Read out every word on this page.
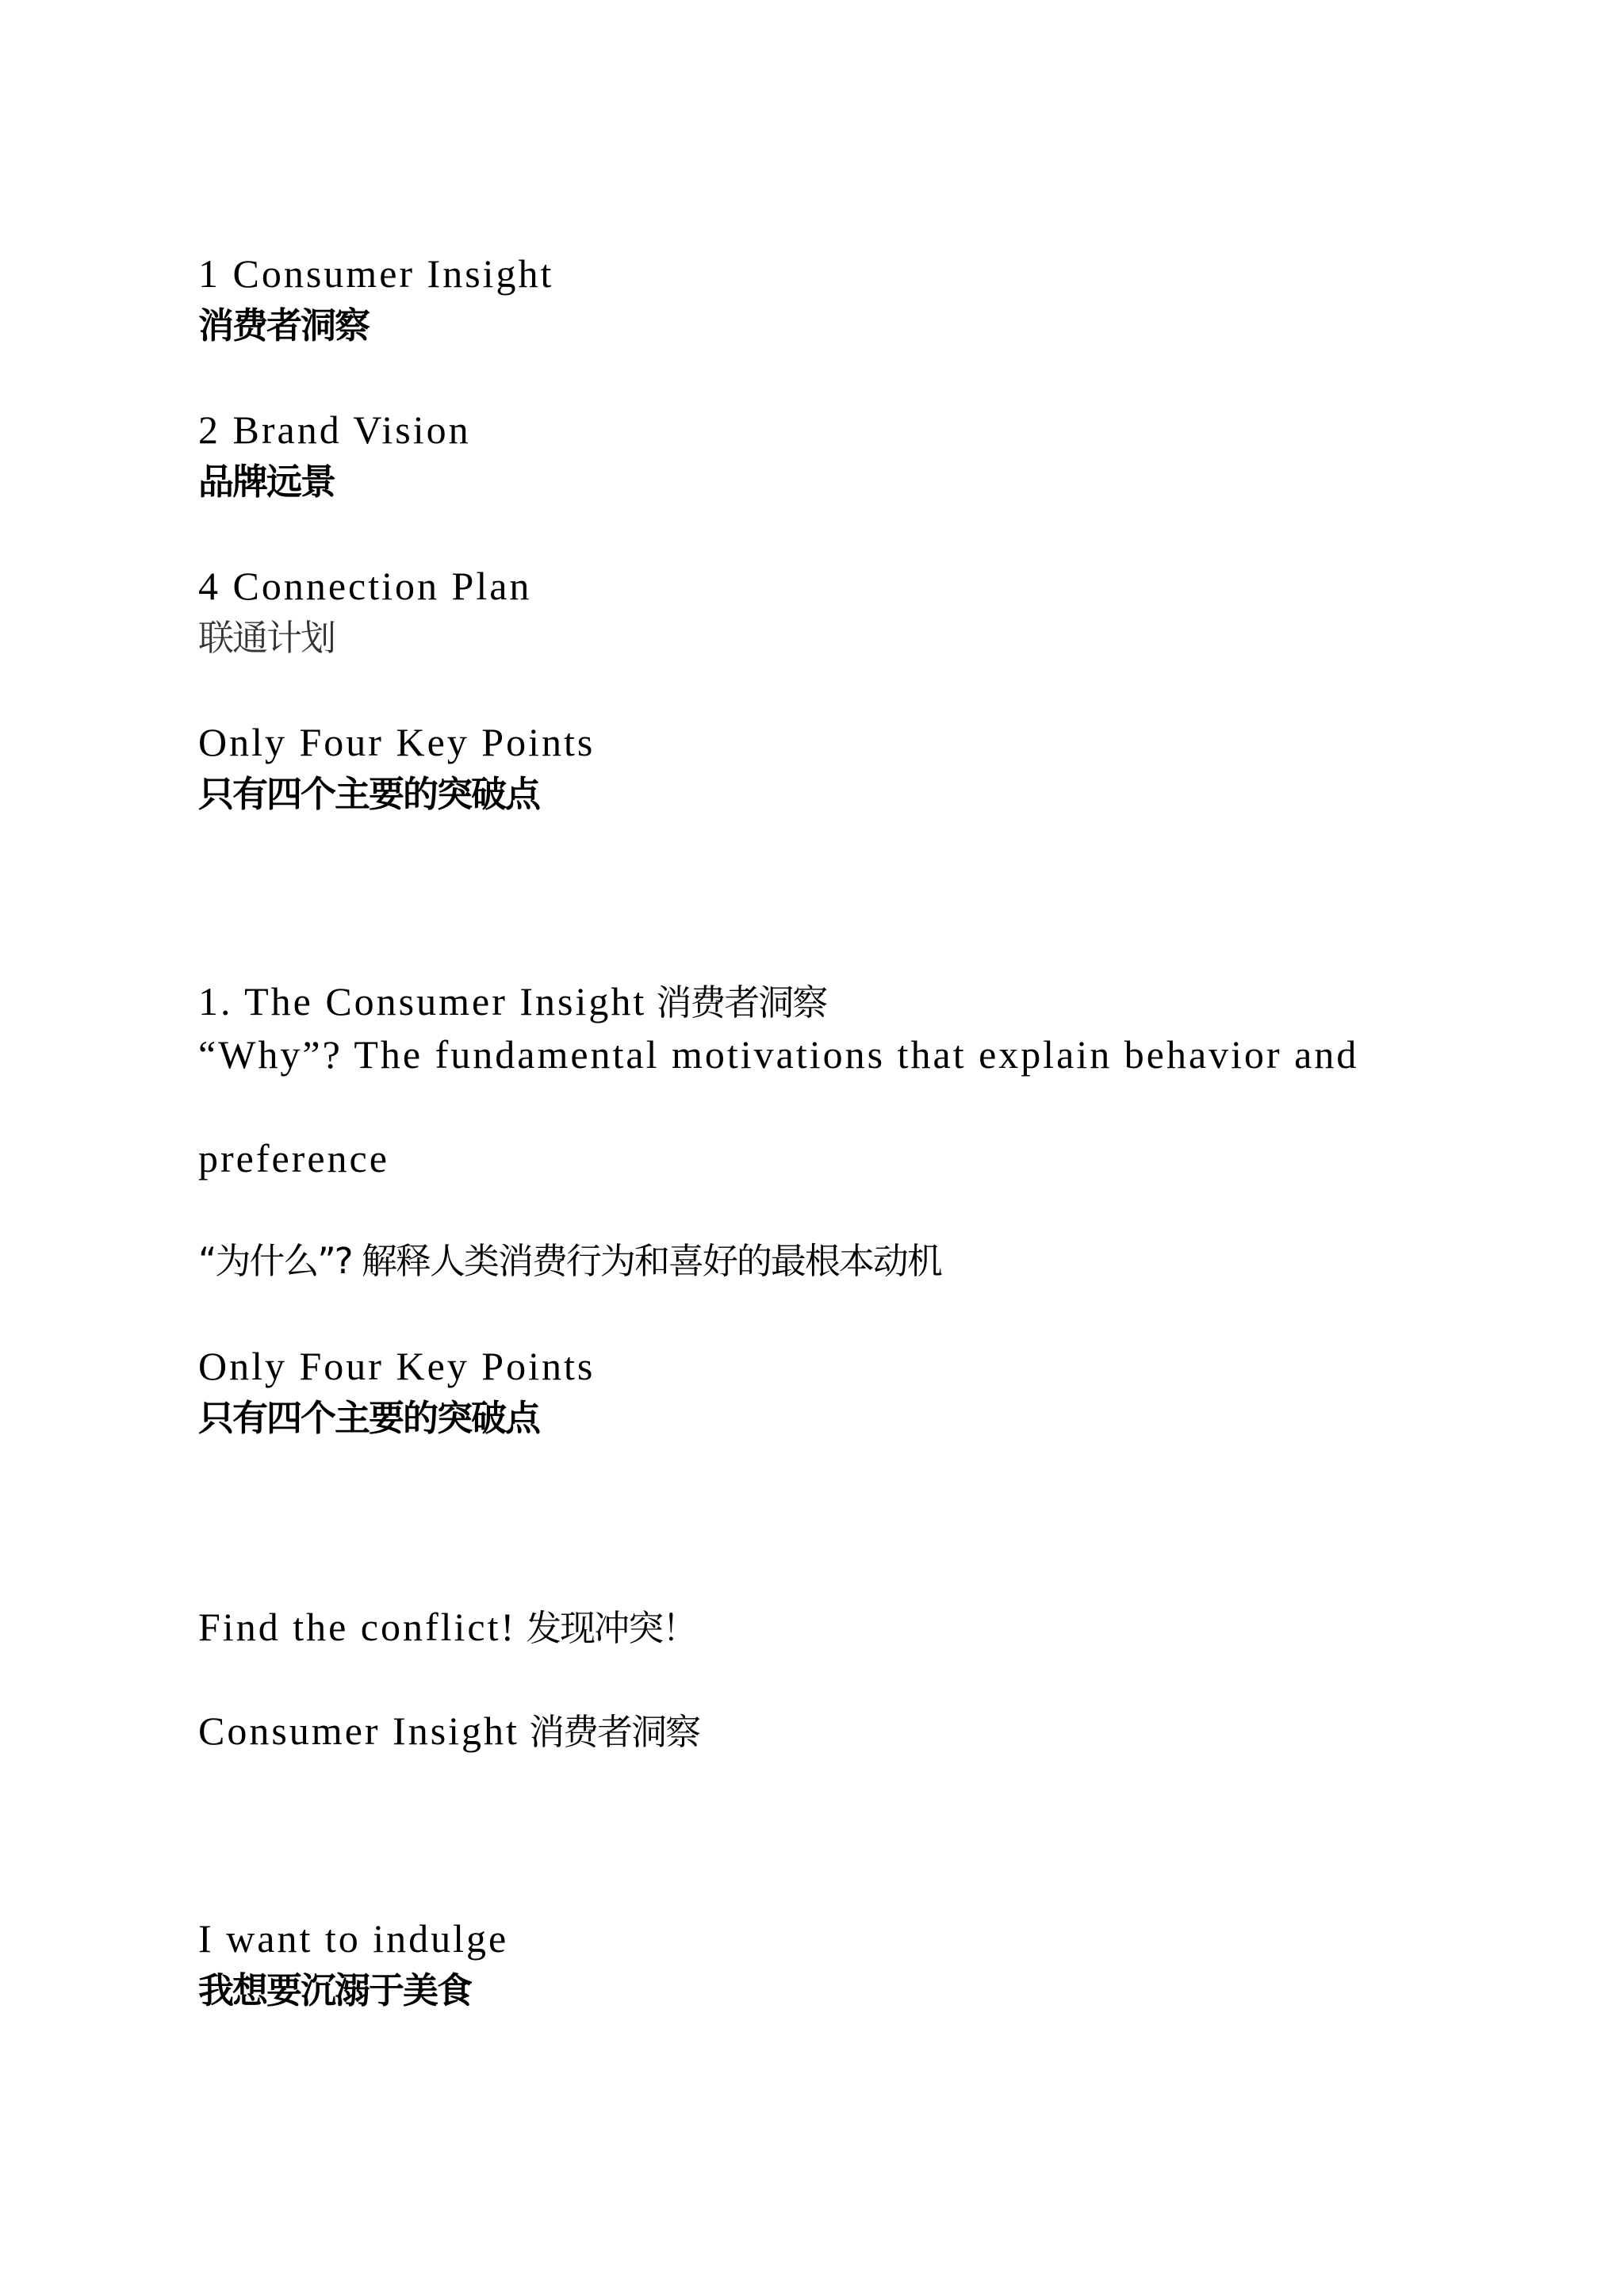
1 Consumer Insight
消费者洞察
2 Brand Vision
品牌远景
4 Connection Plan
联通计划
Only Four Key Points
只有四个主要的突破点
1. The Consumer Insight 消费者洞察
“Why”? The fundamental motivations that explain behavior and
preference
“为什么”? 解释人类消费行为和喜好的最根本动机
Only Four Key Points
只有四个主要的突破点
Find the conflict! 发现冲突！
Consumer Insight 消费者洞察
I want to indulge
我想要沉溺于美食
